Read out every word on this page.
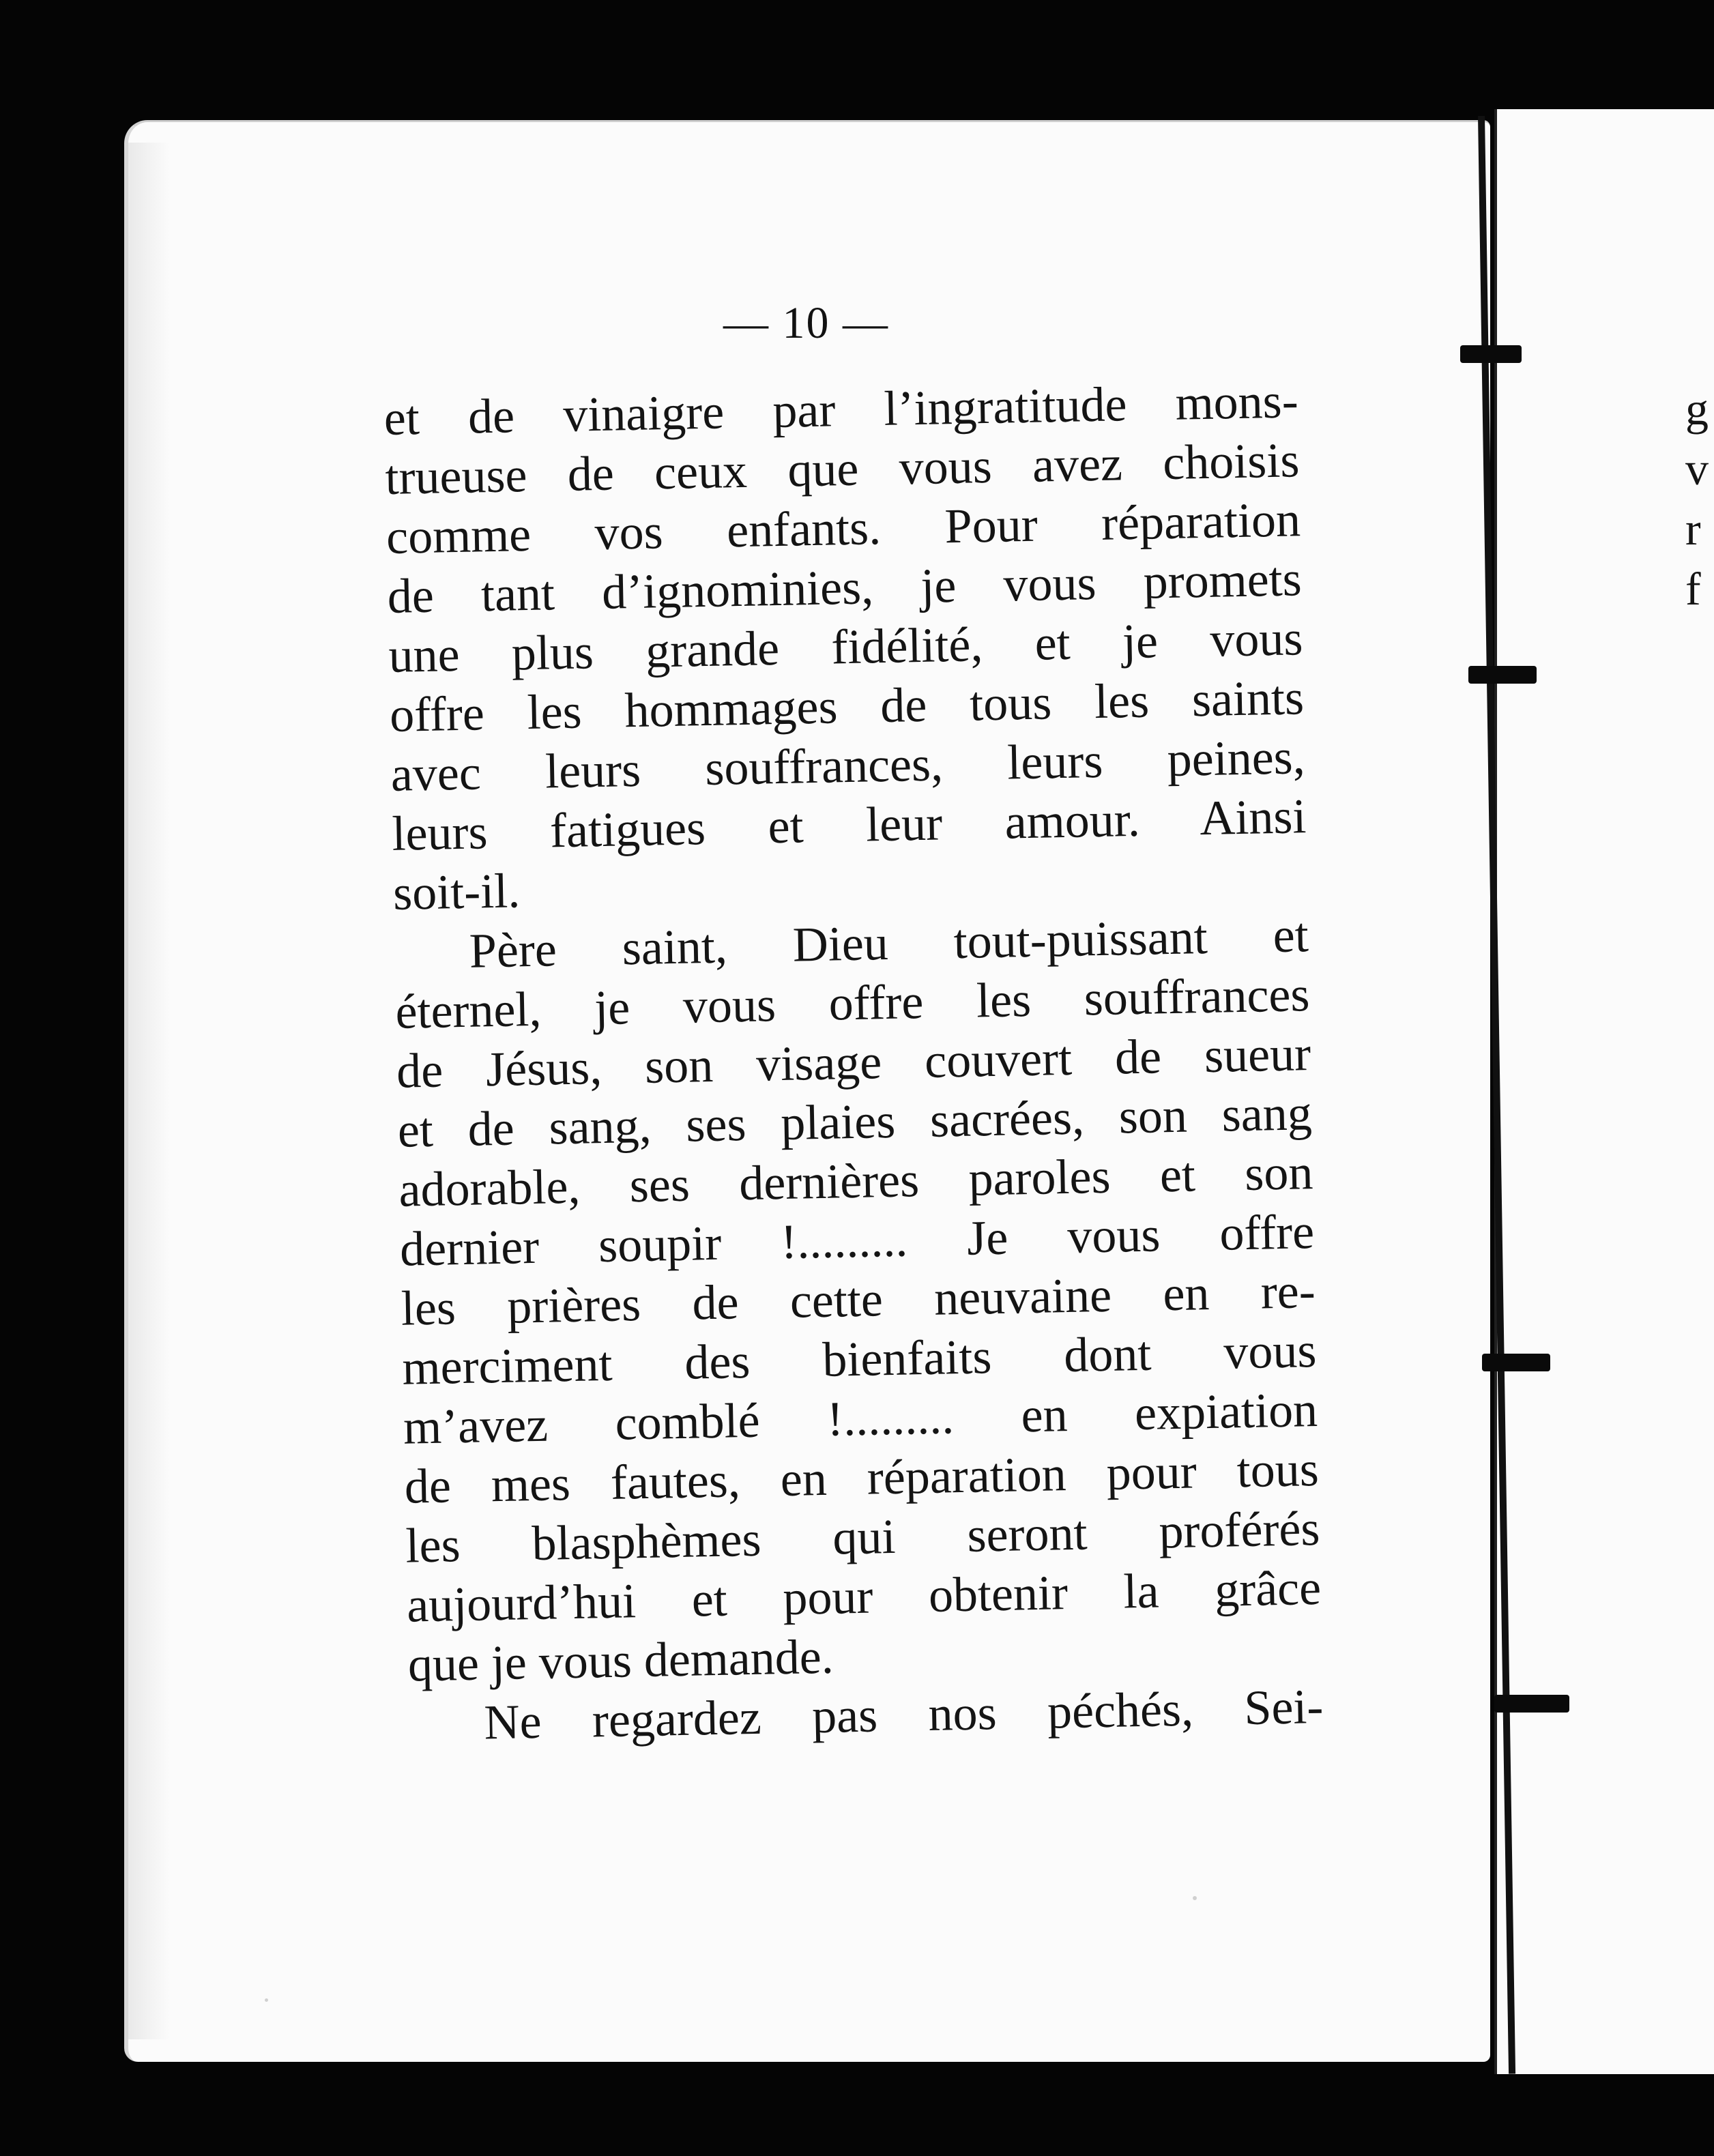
g
v
r
f
— 10 —
et de vinaigre par l’ingratitude mons-
trueuse de ceux que vous avez choisis
comme vos enfants. Pour réparation
de tant d’ignominies, je vous promets
une plus grande fidélité, et je vous
offre les hommages de tous les saints
avec leurs souffrances, leurs peines,
leurs fatigues et leur amour. Ainsi
soit-il.
Père saint, Dieu tout-puissant et
éternel, je vous offre les souffrances
de Jésus, son visage couvert de sueur
et de sang, ses plaies sacrées, son sang
adorable, ses dernières paroles et son
dernier soupir !......... Je vous offre
les prières de cette neuvaine en re-
merciment des bienfaits dont vous
m’avez comblé !......... en expiation
de mes fautes, en réparation pour tous
les blasphèmes qui seront proférés
aujourd’hui et pour obtenir la grâce
que je vous demande.
Ne regardez pas nos péchés, Sei-
